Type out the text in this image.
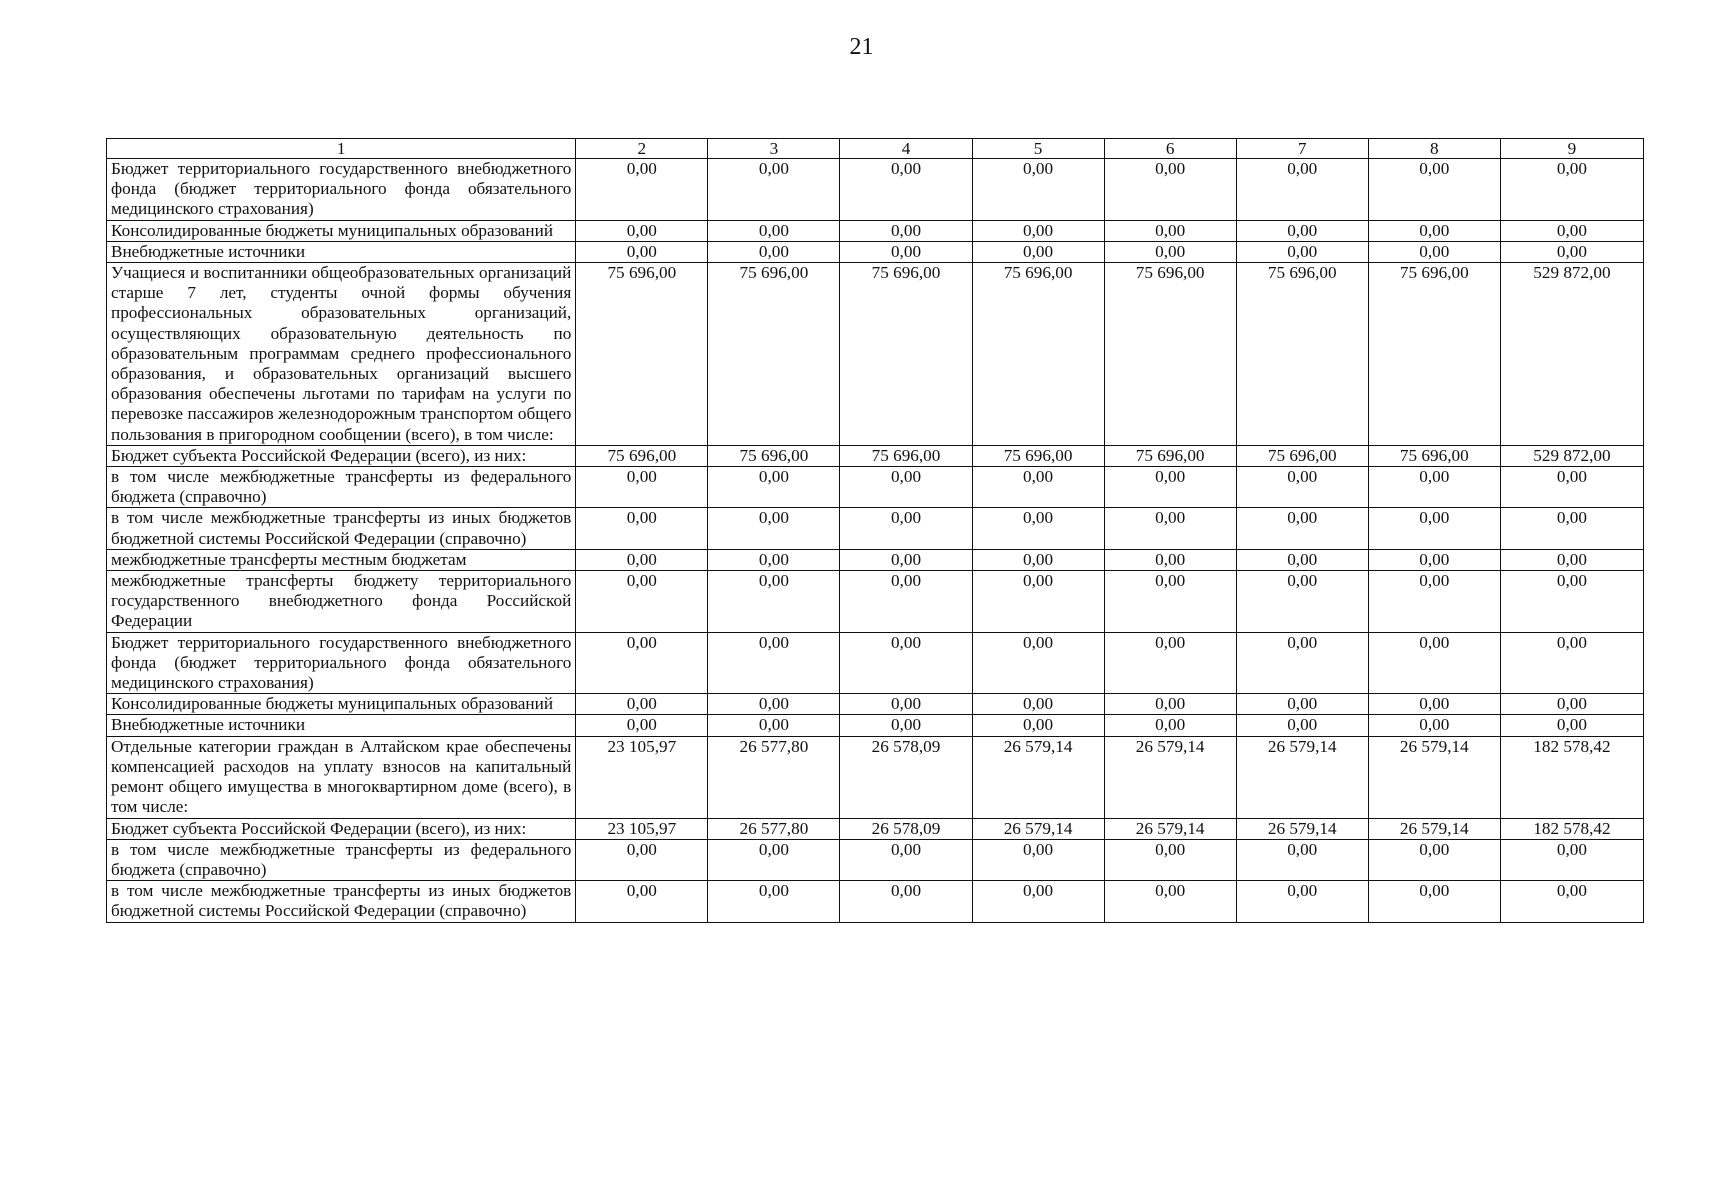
21
1	2	3	4	5	6	7	8	9
Бюджет территориального государственного внебюджетного фонда (бюджет территориального фонда обязательного медицинского страхования)	0,00	0,00	0,00	0,00	0,00	0,00	0,00	0,00
Консолидированные бюджеты муниципальных образований	0,00	0,00	0,00	0,00	0,00	0,00	0,00	0,00
Внебюджетные источники	0,00	0,00	0,00	0,00	0,00	0,00	0,00	0,00
Учащиеся и воспитанники общеобразовательных организаций старше 7 лет, студенты очной формы обучения профессиональных образовательных организаций, осуществляющих образовательную деятельность по образовательным программам среднего профессионального образования, и образовательных организаций высшего образования обеспечены льготами по тарифам на услуги по перевозке пассажиров железнодорожным транспортом общего пользования в пригородном сообщении (всего), в том числе:	75 696,00	75 696,00	75 696,00	75 696,00	75 696,00	75 696,00	75 696,00	529 872,00
Бюджет субъекта Российской Федерации (всего), из них:	75 696,00	75 696,00	75 696,00	75 696,00	75 696,00	75 696,00	75 696,00	529 872,00
в том числе межбюджетные трансферты из федерального бюджета (справочно)	0,00	0,00	0,00	0,00	0,00	0,00	0,00	0,00
в том числе межбюджетные трансферты из иных бюджетов бюджетной системы Российской Федерации (справочно)	0,00	0,00	0,00	0,00	0,00	0,00	0,00	0,00
межбюджетные трансферты местным бюджетам	0,00	0,00	0,00	0,00	0,00	0,00	0,00	0,00
межбюджетные трансферты бюджету территориального государственного внебюджетного фонда Российской Федерации	0,00	0,00	0,00	0,00	0,00	0,00	0,00	0,00
Бюджет территориального государственного внебюджетного фонда (бюджет территориального фонда обязательного медицинского страхования)	0,00	0,00	0,00	0,00	0,00	0,00	0,00	0,00
Консолидированные бюджеты муниципальных образований	0,00	0,00	0,00	0,00	0,00	0,00	0,00	0,00
Внебюджетные источники	0,00	0,00	0,00	0,00	0,00	0,00	0,00	0,00
Отдельные категории граждан в Алтайском крае обеспечены компенсацией расходов на уплату взносов на капитальный ремонт общего имущества в многоквартирном доме (всего), в том числе:	23 105,97	26 577,80	26 578,09	26 579,14	26 579,14	26 579,14	26 579,14	182 578,42
Бюджет субъекта Российской Федерации (всего), из них:	23 105,97	26 577,80	26 578,09	26 579,14	26 579,14	26 579,14	26 579,14	182 578,42
в том числе межбюджетные трансферты из федерального бюджета (справочно)	0,00	0,00	0,00	0,00	0,00	0,00	0,00	0,00
в том числе межбюджетные трансферты из иных бюджетов бюджетной системы Российской Федерации (справочно)	0,00	0,00	0,00	0,00	0,00	0,00	0,00	0,00
